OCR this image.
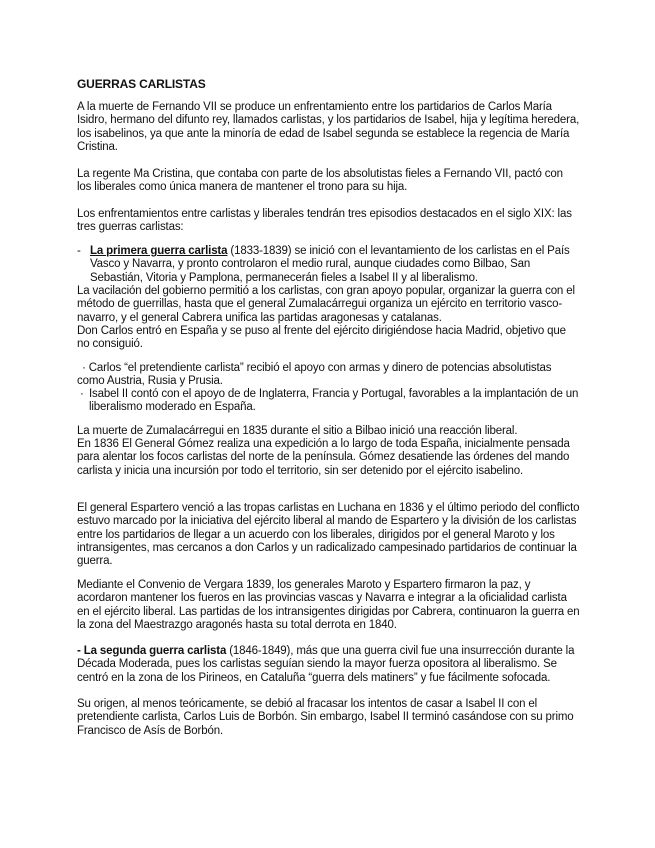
GUERRAS CARLISTAS

A la muerte de Fernando VII se produce un enfrentamiento entre los partidarios de Carlos María Isidro, hermano del difunto rey, llamados carlistas, y los partidarios de Isabel, hija y legítima heredera, los isabelinos, ya que ante la minoría de edad de Isabel segunda se establece la regencia de María Cristina.

La regente Ma Cristina, que contaba con parte de los absolutistas fieles a Fernando VII, pactó con los liberales como única manera de mantener el trono para su hija.

Los enfrentamientos entre carlistas y liberales tendrán tres episodios destacados en el siglo XIX: las tres guerras carlistas:

- La primera guerra carlista (1833-1839) se inició con el levantamiento de los carlistas en el País Vasco y Navarra, y pronto controlaron el medio rural, aunque ciudades como Bilbao, San Sebastián, Vitoria y Pamplona, permanecerán fieles a Isabel II y al liberalismo.

La vacilación del gobierno permitió a los carlistas, con gran apoyo popular, organizar la guerra con el método de guerrillas, hasta que el general Zumalacárregui organiza un ejército en territorio vasco-navarro, y el general Cabrera unifica las partidas aragonesas y catalanas.

Don Carlos entró en España y se puso al frente del ejército dirigiéndose hacia Madrid, objetivo que no consiguió.

· Carlos “el pretendiente carlista” recibió el apoyo con armas y dinero de potencias absolutistas como Austria, Rusia y Prusia.

· Isabel II contó con el apoyo de de Inglaterra, Francia y Portugal, favorables a la implantación de un liberalismo moderado en España.

La muerte de Zumalacárregui en 1835 durante el sitio a Bilbao inició una reacción liberal.

En 1836 El General Gómez realiza una expedición a lo largo de toda España, inicialmente pensada para alentar los focos carlistas del norte de la península. Gómez desatiende las órdenes del mando carlista y inicia una incursión por todo el territorio, sin ser detenido por el ejército isabelino.

El general Espartero venció a las tropas carlistas en Luchana en 1836 y el último periodo del conflicto estuvo marcado por la iniciativa del ejército liberal al mando de Espartero y la división de los carlistas entre los partidarios de llegar a un acuerdo con los liberales, dirigidos por el general Maroto y los intransigentes, mas cercanos a don Carlos y un radicalizado campesinado partidarios de continuar la guerra.

Mediante el Convenio de Vergara 1839, los generales Maroto y Espartero firmaron la paz, y acordaron mantener los fueros en las provincias vascas y Navarra e integrar a la oficialidad carlista en el ejército liberal. Las partidas de los intransigentes dirigidas por Cabrera, continuaron la guerra en la zona del Maestrazgo aragonés hasta su total derrota en 1840.

- La segunda guerra carlista (1846-1849), más que una guerra civil fue una insurrección durante la Década Moderada, pues los carlistas seguían siendo la mayor fuerza opositora al liberalismo. Se centró en la zona de los Pirineos, en Cataluña “guerra dels matiners” y fue fácilmente sofocada.

Su origen, al menos teóricamente, se debió al fracasar los intentos de casar a Isabel II con el pretendiente carlista, Carlos Luis de Borbón. Sin embargo, Isabel II terminó casándose con su primo Francisco de Asís de Borbón.
